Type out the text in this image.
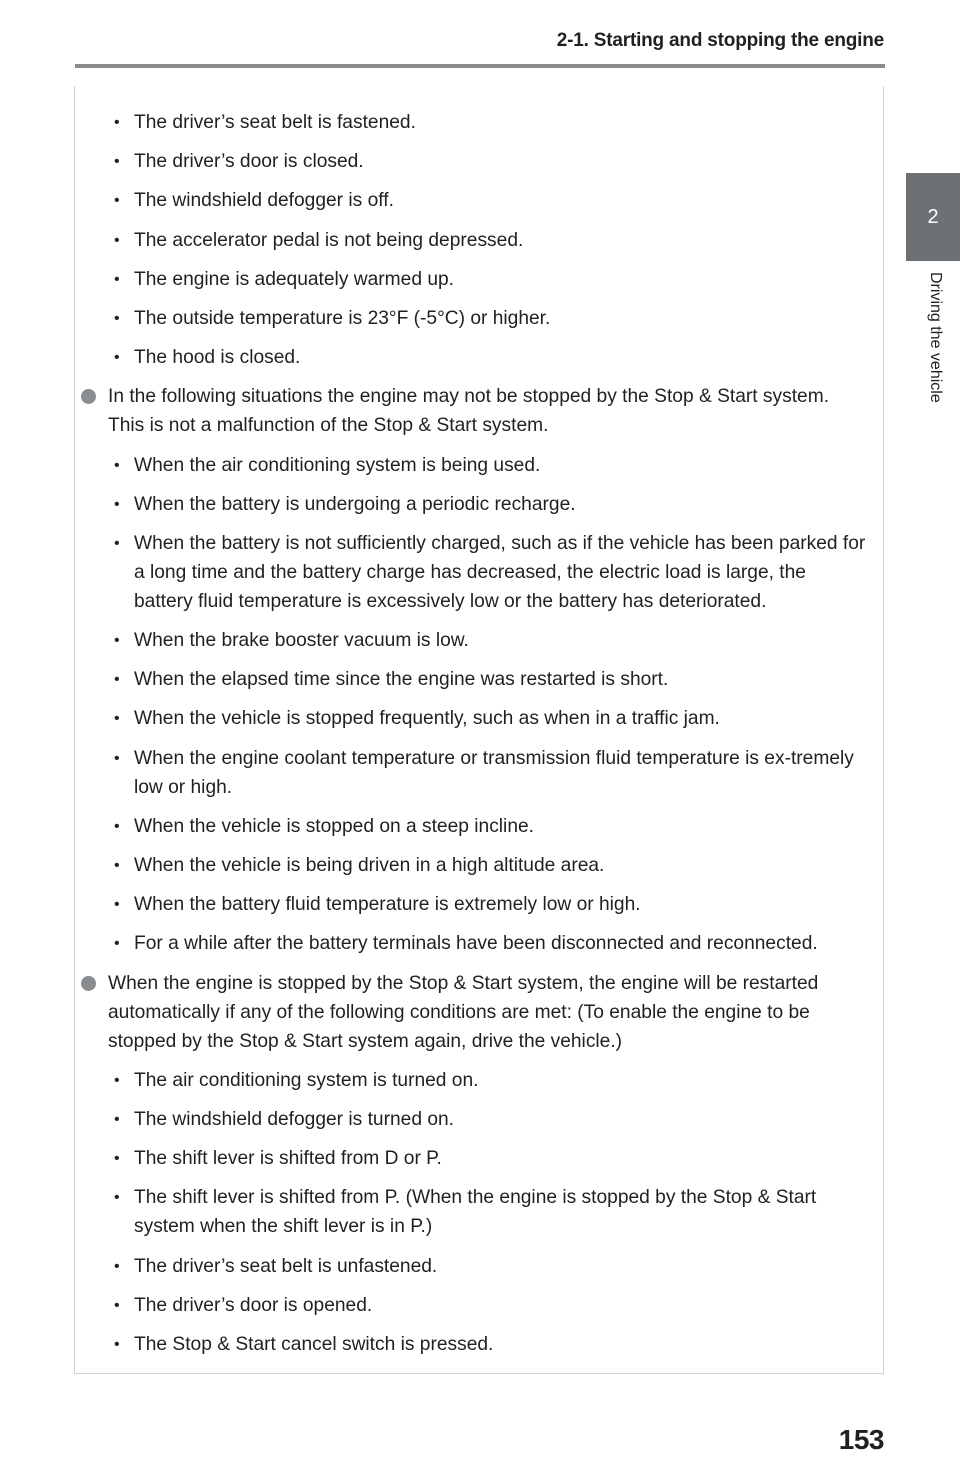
2-1. Starting and stopping the engine
2
Driving the vehicle
• The driver’s seat belt is fastened.
• The driver’s door is closed.
• The windshield defogger is off.
• The accelerator pedal is not being depressed.
• The engine is adequately warmed up.
• The outside temperature is 23°F (-5°C) or higher.
• The hood is closed.
In the following situations the engine may not be stopped by the Stop & Start system. This is not a malfunction of the Stop & Start system.
• When the air conditioning system is being used.
• When the battery is undergoing a periodic recharge.
• When the battery is not sufficiently charged, such as if the vehicle has been parked for a long time and the battery charge has decreased, the electric load is large, the battery fluid temperature is excessively low or the battery has deteriorated.
• When the brake booster vacuum is low.
• When the elapsed time since the engine was restarted is short.
• When the vehicle is stopped frequently, such as when in a traffic jam.
• When the engine coolant temperature or transmission fluid temperature is ex-tremely low or high.
• When the vehicle is stopped on a steep incline.
• When the vehicle is being driven in a high altitude area.
• When the battery fluid temperature is extremely low or high.
• For a while after the battery terminals have been disconnected and reconnected.
When the engine is stopped by the Stop & Start system, the engine will be restarted automatically if any of the following conditions are met: (To enable the engine to be stopped by the Stop & Start system again, drive the vehicle.)
• The air conditioning system is turned on.
• The windshield defogger is turned on.
• The shift lever is shifted from D or P.
• The shift lever is shifted from P. (When the engine is stopped by the Stop & Start system when the shift lever is in P.)
• The driver’s seat belt is unfastened.
• The driver’s door is opened.
• The Stop & Start cancel switch is pressed.
153
